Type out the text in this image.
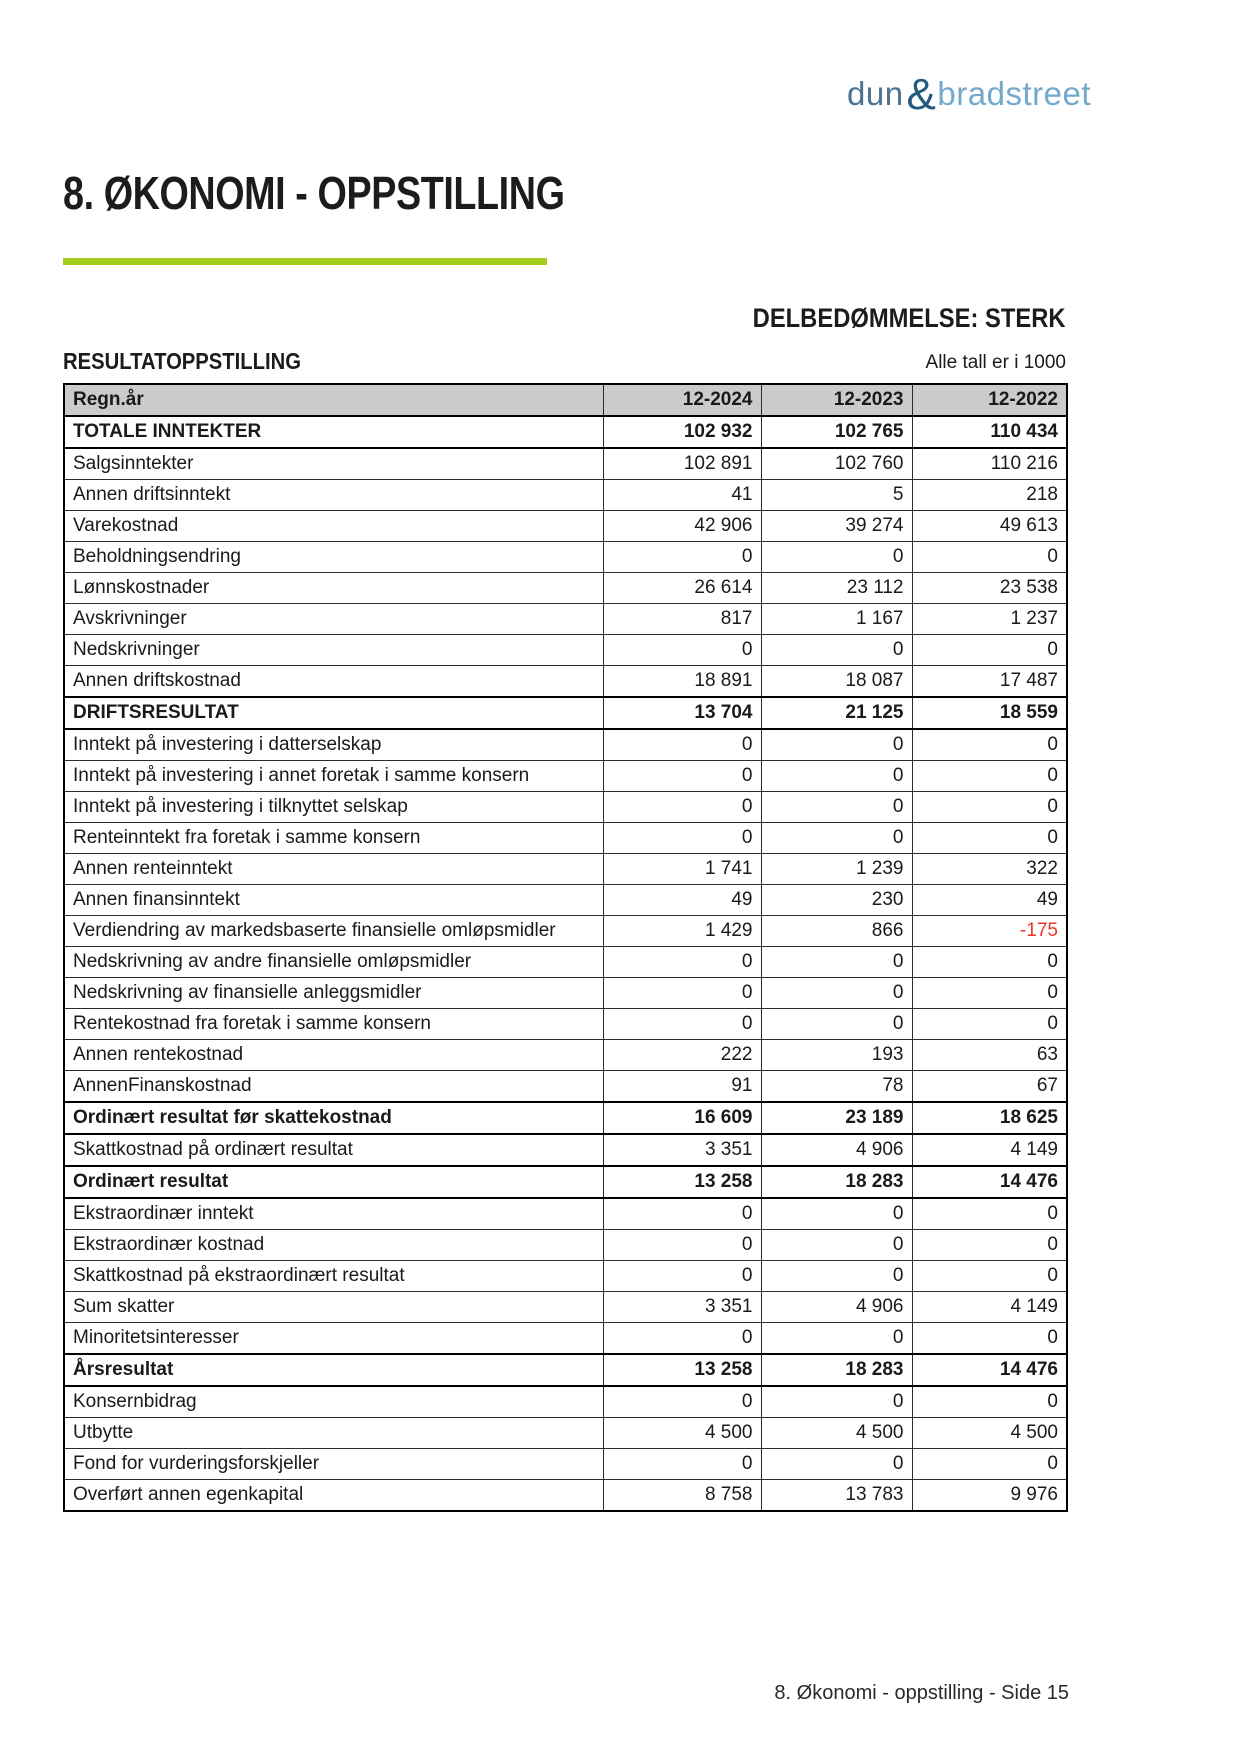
dun&bradstreet
8. ØKONOMI - OPPSTILLING
DELBEDØMMELSE: STERK
RESULTATOPPSTILLING	Alle tall er i 1000
Regn.år	12-2024	12-2023	12-2022
TOTALE INNTEKTER	102 932	102 765	110 434
Salgsinntekter	102 891	102 760	110 216
Annen driftsinntekt	41	5	218
Varekostnad	42 906	39 274	49 613
Beholdningsendring	0	0	0
Lønnskostnader	26 614	23 112	23 538
Avskrivninger	817	1 167	1 237
Nedskrivninger	0	0	0
Annen driftskostnad	18 891	18 087	17 487
DRIFTSRESULTAT	13 704	21 125	18 559
Inntekt på investering i datterselskap	0	0	0
Inntekt på investering i annet foretak i samme konsern	0	0	0
Inntekt på investering i tilknyttet selskap	0	0	0
Renteinntekt fra foretak i samme konsern	0	0	0
Annen renteinntekt	1 741	1 239	322
Annen finansinntekt	49	230	49
Verdiendring av markedsbaserte finansielle omløpsmidler	1 429	866	-175
Nedskrivning av andre finansielle omløpsmidler	0	0	0
Nedskrivning av finansielle anleggsmidler	0	0	0
Rentekostnad fra foretak i samme konsern	0	0	0
Annen rentekostnad	222	193	63
AnnenFinanskostnad	91	78	67
Ordinært resultat før skattekostnad	16 609	23 189	18 625
Skattkostnad på ordinært resultat	3 351	4 906	4 149
Ordinært resultat	13 258	18 283	14 476
Ekstraordinær inntekt	0	0	0
Ekstraordinær kostnad	0	0	0
Skattkostnad på ekstraordinært resultat	0	0	0
Sum skatter	3 351	4 906	4 149
Minoritetsinteresser	0	0	0
Årsresultat	13 258	18 283	14 476
Konsernbidrag	0	0	0
Utbytte	4 500	4 500	4 500
Fond for vurderingsforskjeller	0	0	0
Overført annen egenkapital	8 758	13 783	9 976
8. Økonomi - oppstilling - Side 15
